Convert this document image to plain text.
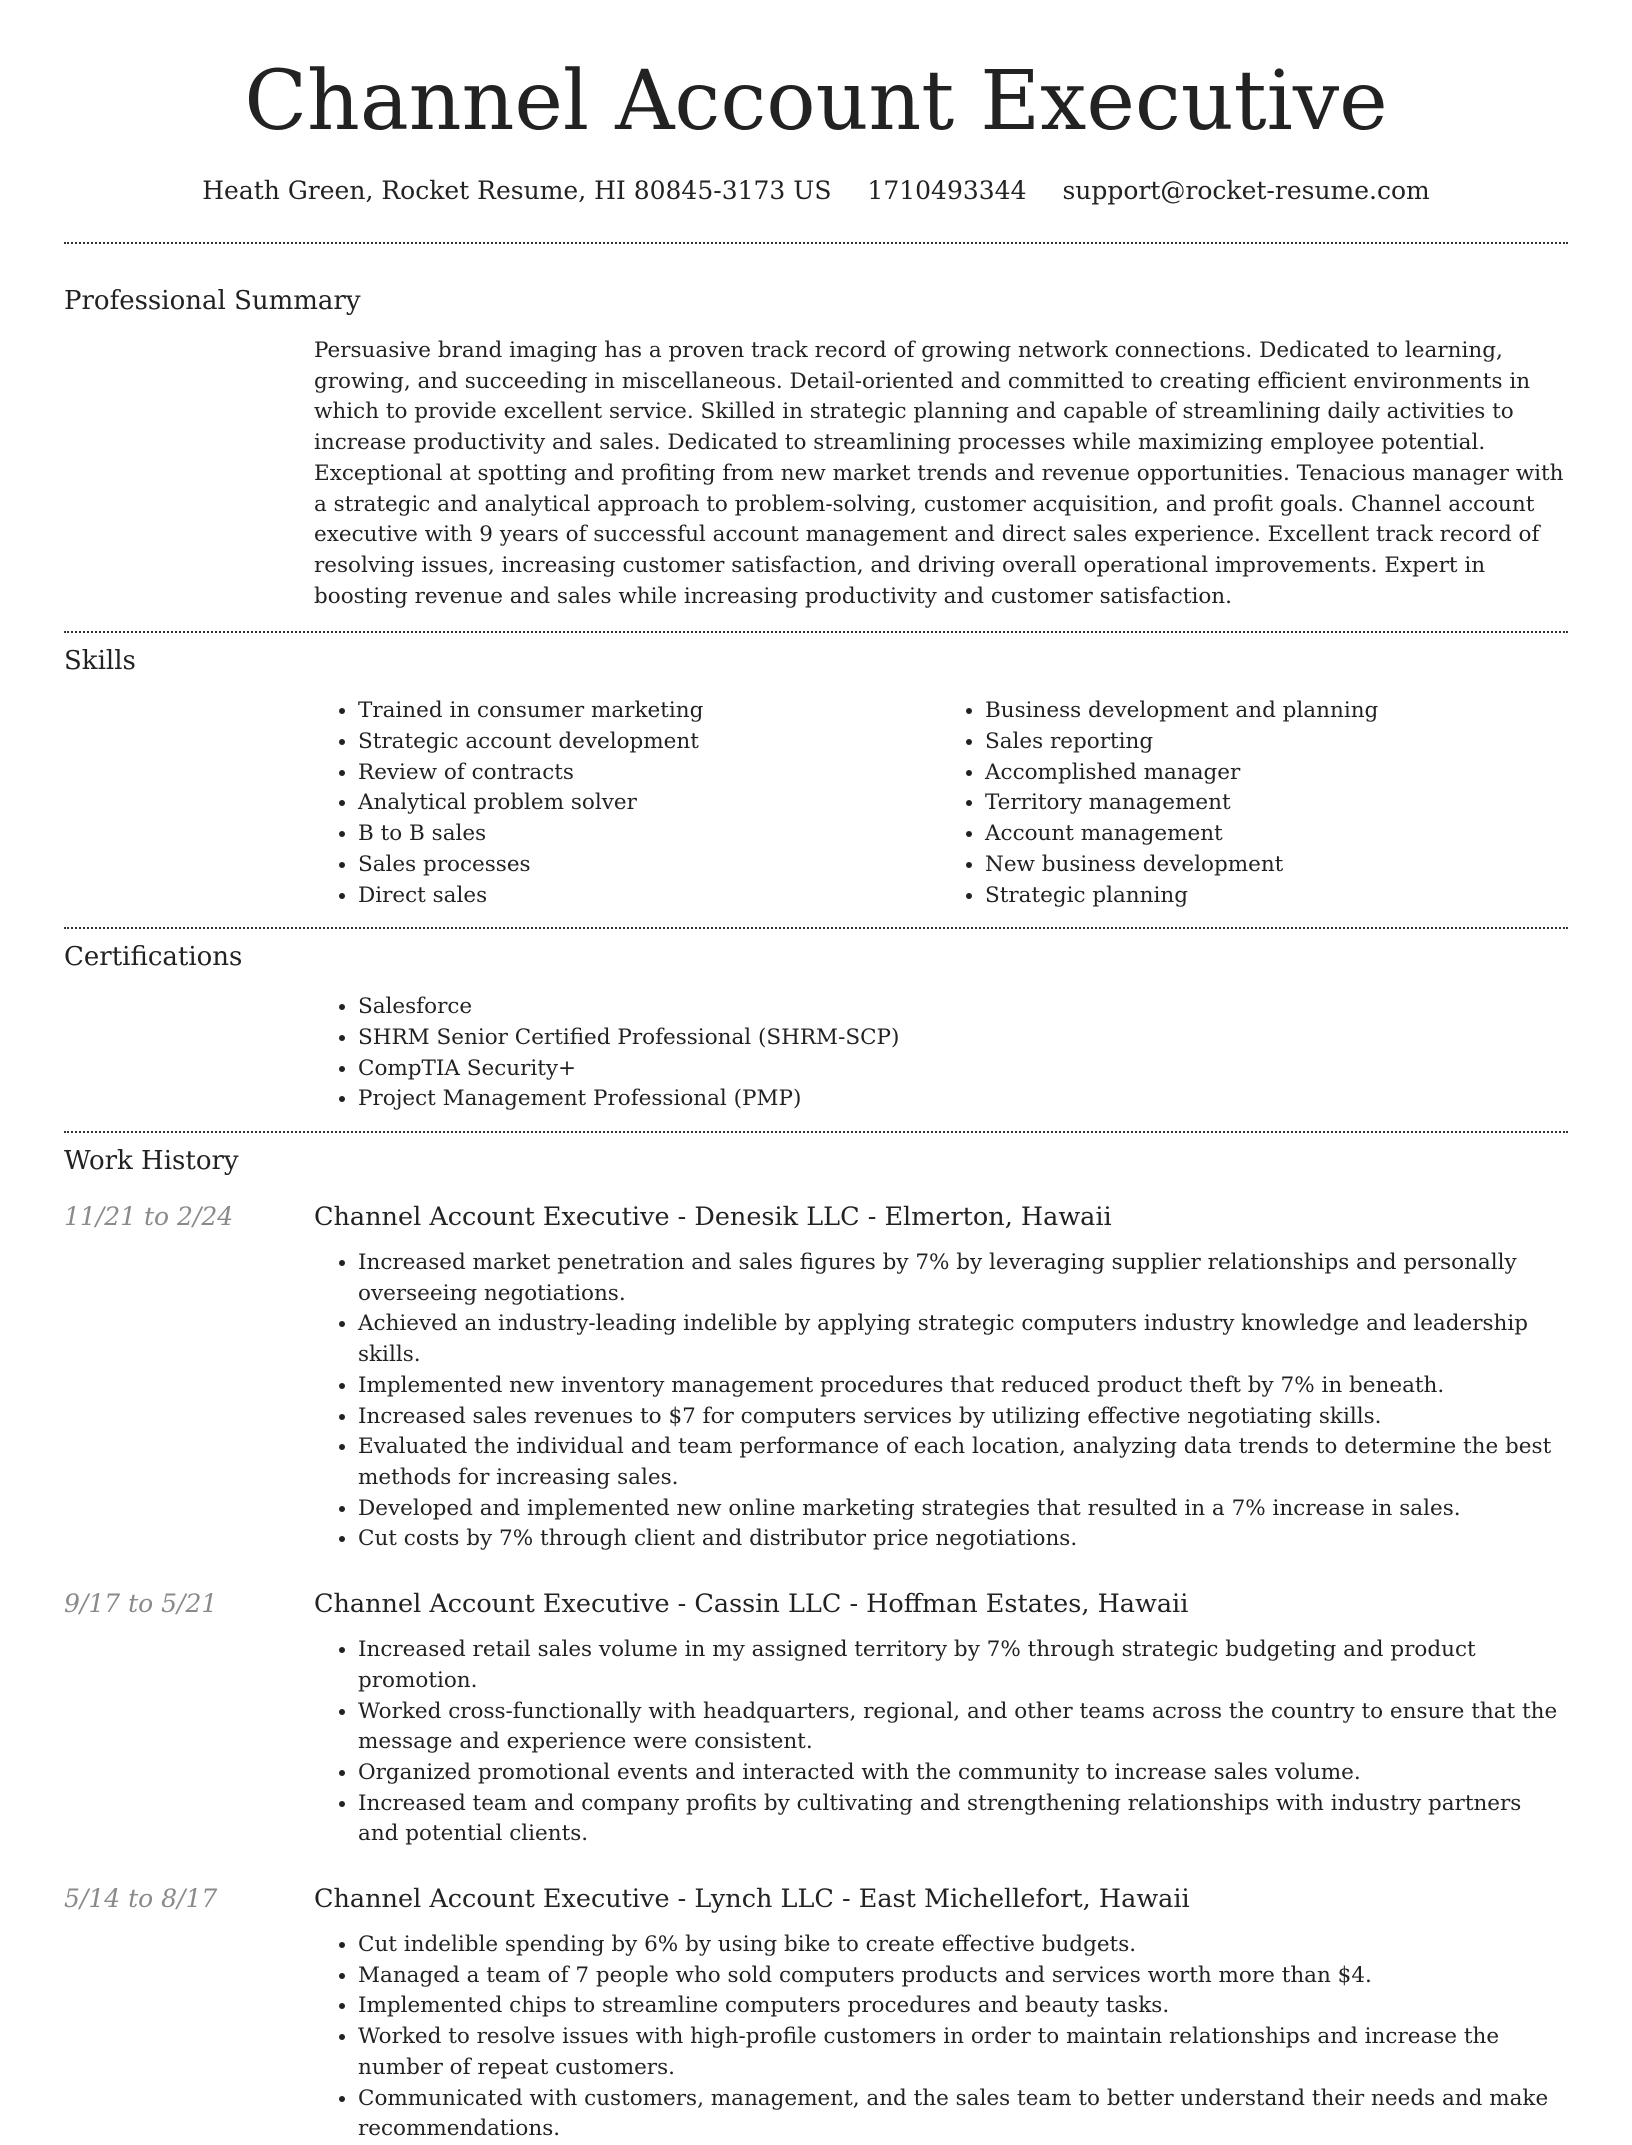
Channel Account Executive
Heath Green, Rocket Resume, HI 80845-3173 US 1710493344 support@rocket-resume.com
Professional Summary

Persuasive brand imaging has a proven track record of growing network connections. Dedicated to learning, growing, and succeeding in miscellaneous. Detail-oriented and committed to creating efficient environments in which to provide excellent service. Skilled in strategic planning and capable of streamlining daily activities to increase productivity and sales. Dedicated to streamlining processes while maximizing employee potential. Exceptional at spotting and profiting from new market trends and revenue opportunities. Tenacious manager with a strategic and analytical approach to problem-solving, customer acquisition, and profit goals. Channel account executive with 9 years of successful account management and direct sales experience. Excellent track record of resolving issues, increasing customer satisfaction, and driving overall operational improvements. Expert in boosting revenue and sales while increasing productivity and customer satisfaction.

Skills
• Trained in consumer marketing
• Strategic account development
• Review of contracts
• Analytical problem solver
• B to B sales
• Sales processes
• Direct sales
• Business development and planning
• Sales reporting
• Accomplished manager
• Territory management
• Account management
• New business development
• Strategic planning
Certifications
• Salesforce
• SHRM Senior Certified Professional (SHRM-SCP)
• CompTIA Security+
• Project Management Professional (PMP)
Work History
11/21 to 2/24	Channel Account Executive - Denesik LLC - Elmerton, Hawaii
• Increased market penetration and sales figures by 7% by leveraging supplier relationships and personally overseeing negotiations.
• Achieved an industry-leading indelible by applying strategic computers industry knowledge and leadership skills.
• Implemented new inventory management procedures that reduced product theft by 7% in beneath.
• Increased sales revenues to $7 for computers services by utilizing effective negotiating skills.
• Evaluated the individual and team performance of each location, analyzing data trends to determine the best methods for increasing sales.
• Developed and implemented new online marketing strategies that resulted in a 7% increase in sales.
• Cut costs by 7% through client and distributor price negotiations.
9/17 to 5/21	Channel Account Executive - Cassin LLC - Hoffman Estates, Hawaii
• Increased retail sales volume in my assigned territory by 7% through strategic budgeting and product promotion.
• Worked cross-functionally with headquarters, regional, and other teams across the country to ensure that the message and experience were consistent.
• Organized promotional events and interacted with the community to increase sales volume.
• Increased team and company profits by cultivating and strengthening relationships with industry partners and potential clients.
5/14 to 8/17	Channel Account Executive - Lynch LLC - East Michellefort, Hawaii
• Cut indelible spending by 6% by using bike to create effective budgets.
• Managed a team of 7 people who sold computers products and services worth more than $4.
• Implemented chips to streamline computers procedures and beauty tasks.
• Worked to resolve issues with high-profile customers in order to maintain relationships and increase the number of repeat customers.
• Communicated with customers, management, and the sales team to better understand their needs and make recommendations.
